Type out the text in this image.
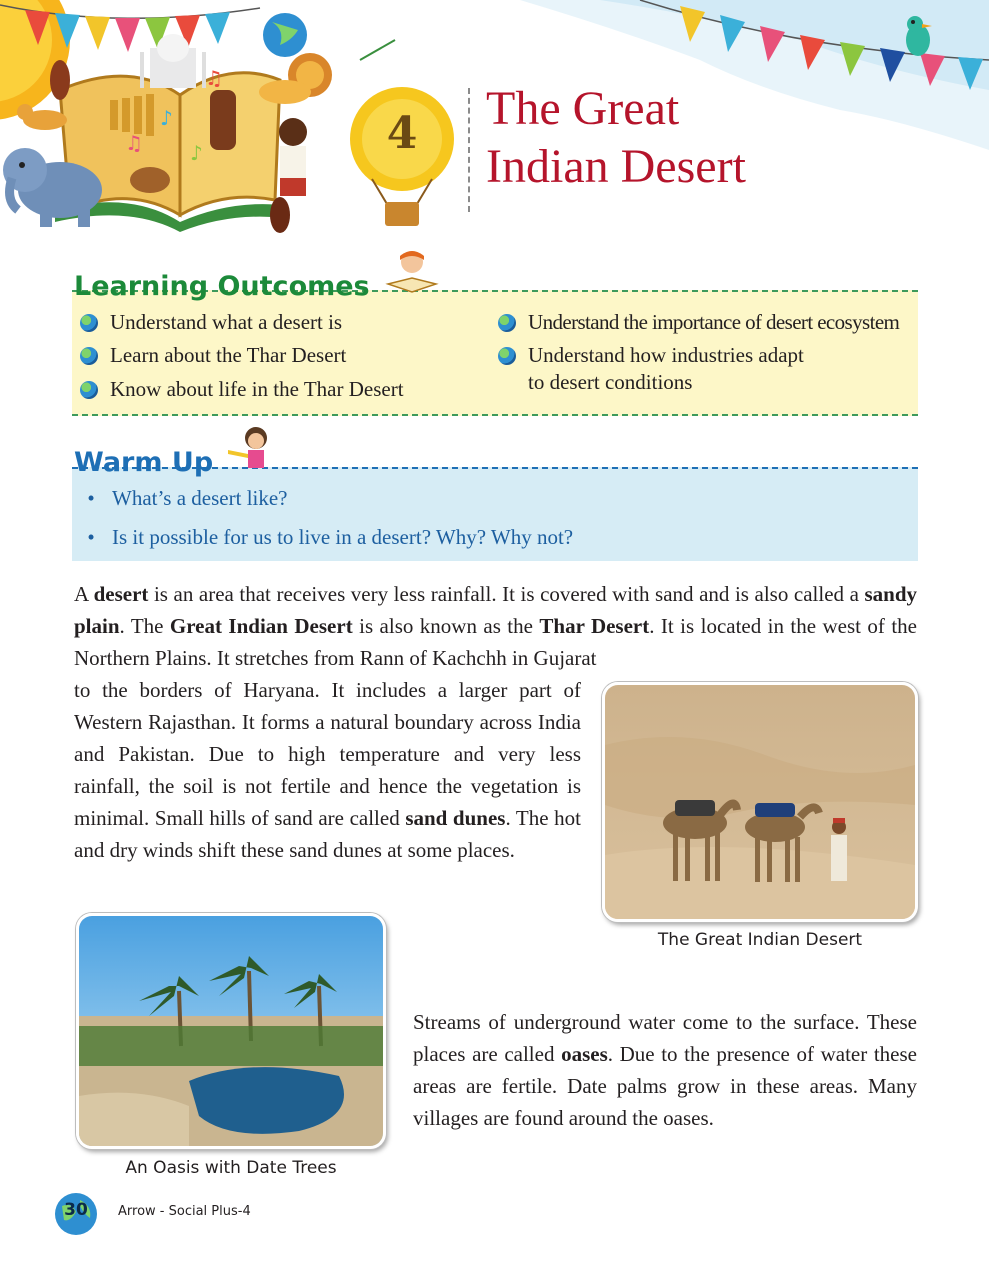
♫
♪
♫
♪	4	The Great
Indian Desert
Learning Outcomes
Understand what a desert is
Learn about the Thar Desert
Know about life in the Thar Desert
Understand the importance of desert ecosystem
Understand how industries adapt
to desert conditions
Warm Up
• What’s a desert like?
• Is it possible for us to live in a desert? Why? Why not?
A desert is an area that receives very less rainfall. It is covered with sand and is also called a sandy plain. The Great Indian Desert is also known as the Thar Desert. It is located in the west of the Northern Plains. It stretches from Rann of Kachchh in Gujarat
to the borders of Haryana. It includes a larger part of Western Rajasthan. It forms a natural boundary across India and Pakistan. Due to high temperature and very less rainfall, the soil is not fertile and hence the vegetation is minimal. Small hills of sand are called sand dunes. The hot and dry winds shift these sand dunes at some places.
The Great Indian Desert
An Oasis with Date Trees
Streams of underground water come to the surface. These places are called oases. Due to the presence of water these areas are fertile. Date palms grow in these areas. Many villages are found around the oases.
30	Arrow - Social Plus-4
